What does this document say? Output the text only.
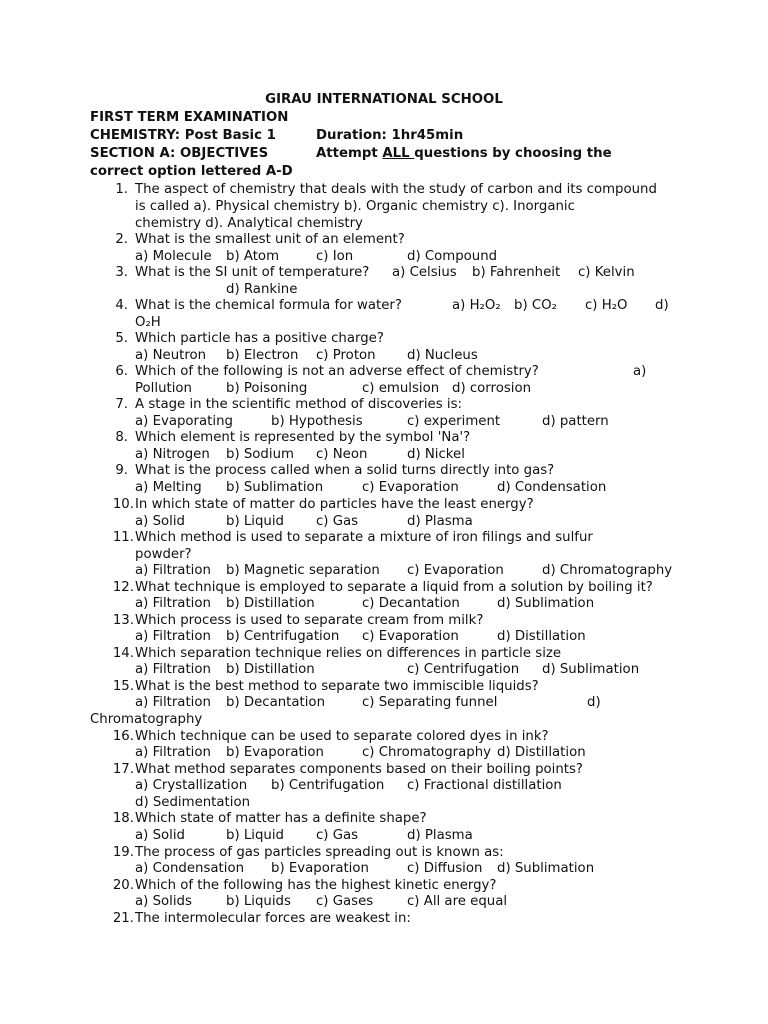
GIRAU INTERNATIONAL SCHOOL
FIRST TERM EXAMINATION
CHEMISTRY: Post Basic 1	Duration: 1hr45min
SECTION A: OBJECTIVES	Attempt ALL questions by choosing the
correct option lettered A-D
1. The aspect of chemistry that deals with the study of carbon and its compound
is called a). Physical chemistry b). Organic chemistry c). Inorganic
chemistry d). Analytical chemistry
2. What is the smallest unit of an element?
a) Molecule b) Atom	c) Ion	d) Compound
3. What is the SI unit of temperature? a) Celsius b) Fahrenheit c) Kelvin
d) Rankine
4. What is the chemical formula for water?	a) H₂O₂ b) CO₂ c) H₂O d)
O₂H
5. Which particle has a positive charge?
a) Neutron b) Electron c) Proton d) Nucleus
6. Which of the following is not an adverse effect of chemistry?	a)
Pollution	b) Poisoning	c) emulsion d) corrosion
7. A stage in the scientific method of discoveries is:
a) Evaporating	b) Hypothesis	c) experiment	d) pattern
8. Which element is represented by the symbol 'Na'?
a) Nitrogen b) Sodium c) Neon	d) Nickel
9. What is the process called when a solid turns directly into gas?
a) Melting b) Sublimation	c) Evaporation	d) Condensation
10. In which state of matter do particles have the least energy?
a) Solid	b) Liquid c) Gas	d) Plasma
11. Which method is used to separate a mixture of iron filings and sulfur
powder?
a) Filtration b) Magnetic separation c) Evaporation	d) Chromatography
12. What technique is employed to separate a liquid from a solution by boiling it?
a) Filtration b) Distillation	c) Decantation	d) Sublimation
13. Which process is used to separate cream from milk?
a) Filtration b) Centrifugation c) Evaporation	d) Distillation
14. Which separation technique relies on differences in particle size
a) Filtration b) Distillation	c) Centrifugation d) Sublimation
15. What is the best method to separate two immiscible liquids?
a) Filtration b) Decantation	c) Separating funnel	d)
Chromatography
16. Which technique can be used to separate colored dyes in ink?
a) Filtration b) Evaporation	c) Chromatography d) Distillation
17. What method separates components based on their boiling points?
a) Crystallization b) Centrifugation c) Fractional distillation
d) Sedimentation
18. Which state of matter has a definite shape?
a) Solid	b) Liquid c) Gas	d) Plasma
19. The process of gas particles spreading out is known as:
a) Condensation b) Evaporation	c) Diffusion d) Sublimation
20. Which of the following has the highest kinetic energy?
a) Solids	b) Liquids c) Gases	c) All are equal
21. The intermolecular forces are weakest in:
